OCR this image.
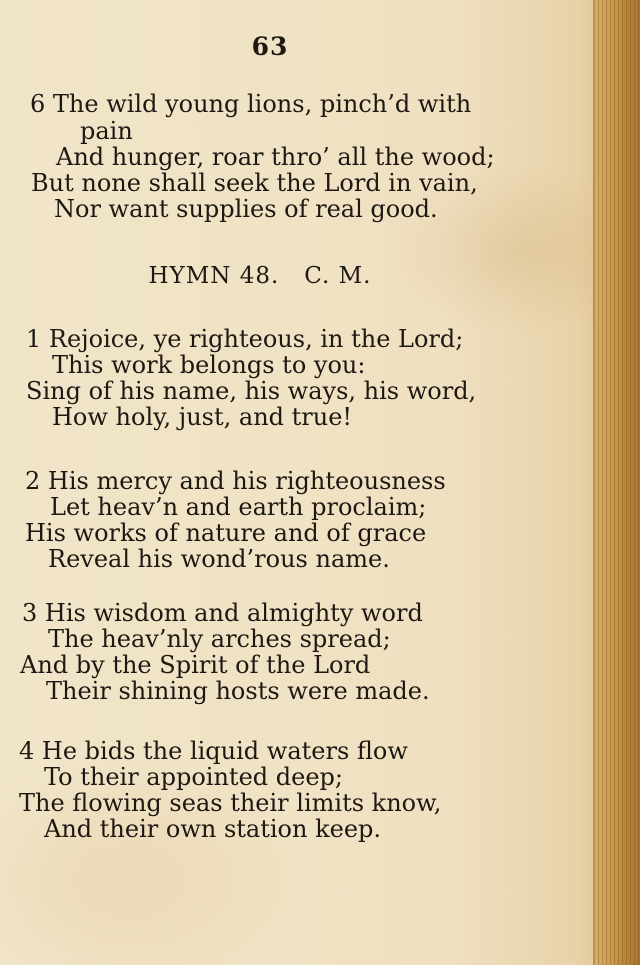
63
6 The wild young lions, pinch’d with
pain
And hunger, roar thro’ all the wood;
But none shall seek the Lord in vain,
Nor want supplies of real good.
HYMN 48. C. M.
1 Rejoice, ye righteous, in the Lord;
This work belongs to you:
Sing of his name, his ways, his word,
How holy, just, and true!
2 His mercy and his righteousness
Let heav’n and earth proclaim;
His works of nature and of grace
Reveal his wond’rous name.
3 His wisdom and almighty word
The heav’nly arches spread;
And by the Spirit of the Lord
Their shining hosts were made.
4 He bids the liquid waters flow
To their appointed deep;
The flowing seas their limits know,
And their own station keep.
